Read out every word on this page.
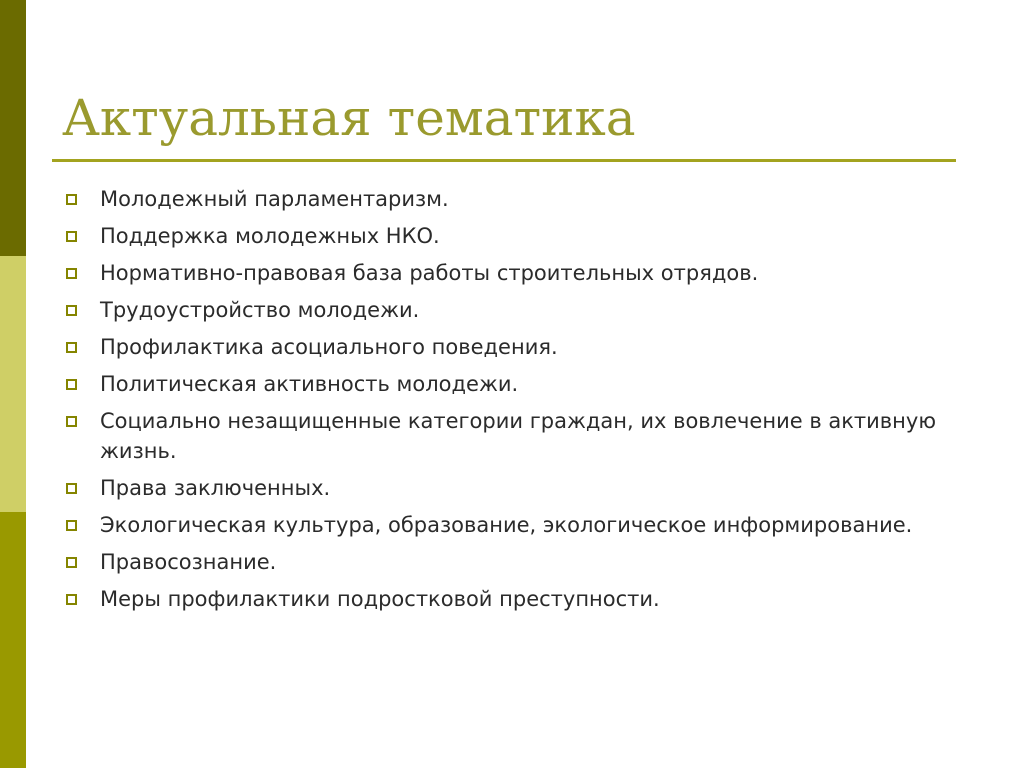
Актуальная тематика
Молодежный парламентаризм.
Поддержка молодежных НКО.
Нормативно-правовая база работы строительных отрядов.
Трудоустройство молодежи.
Профилактика асоциального поведения.
Политическая активность молодежи.
Социально незащищенные категории граждан, их вовлечение в активную жизнь.
Права заключенных.
Экологическая культура, образование, экологическое информирование.
Правосознание.
Меры профилактики подростковой преступности.
